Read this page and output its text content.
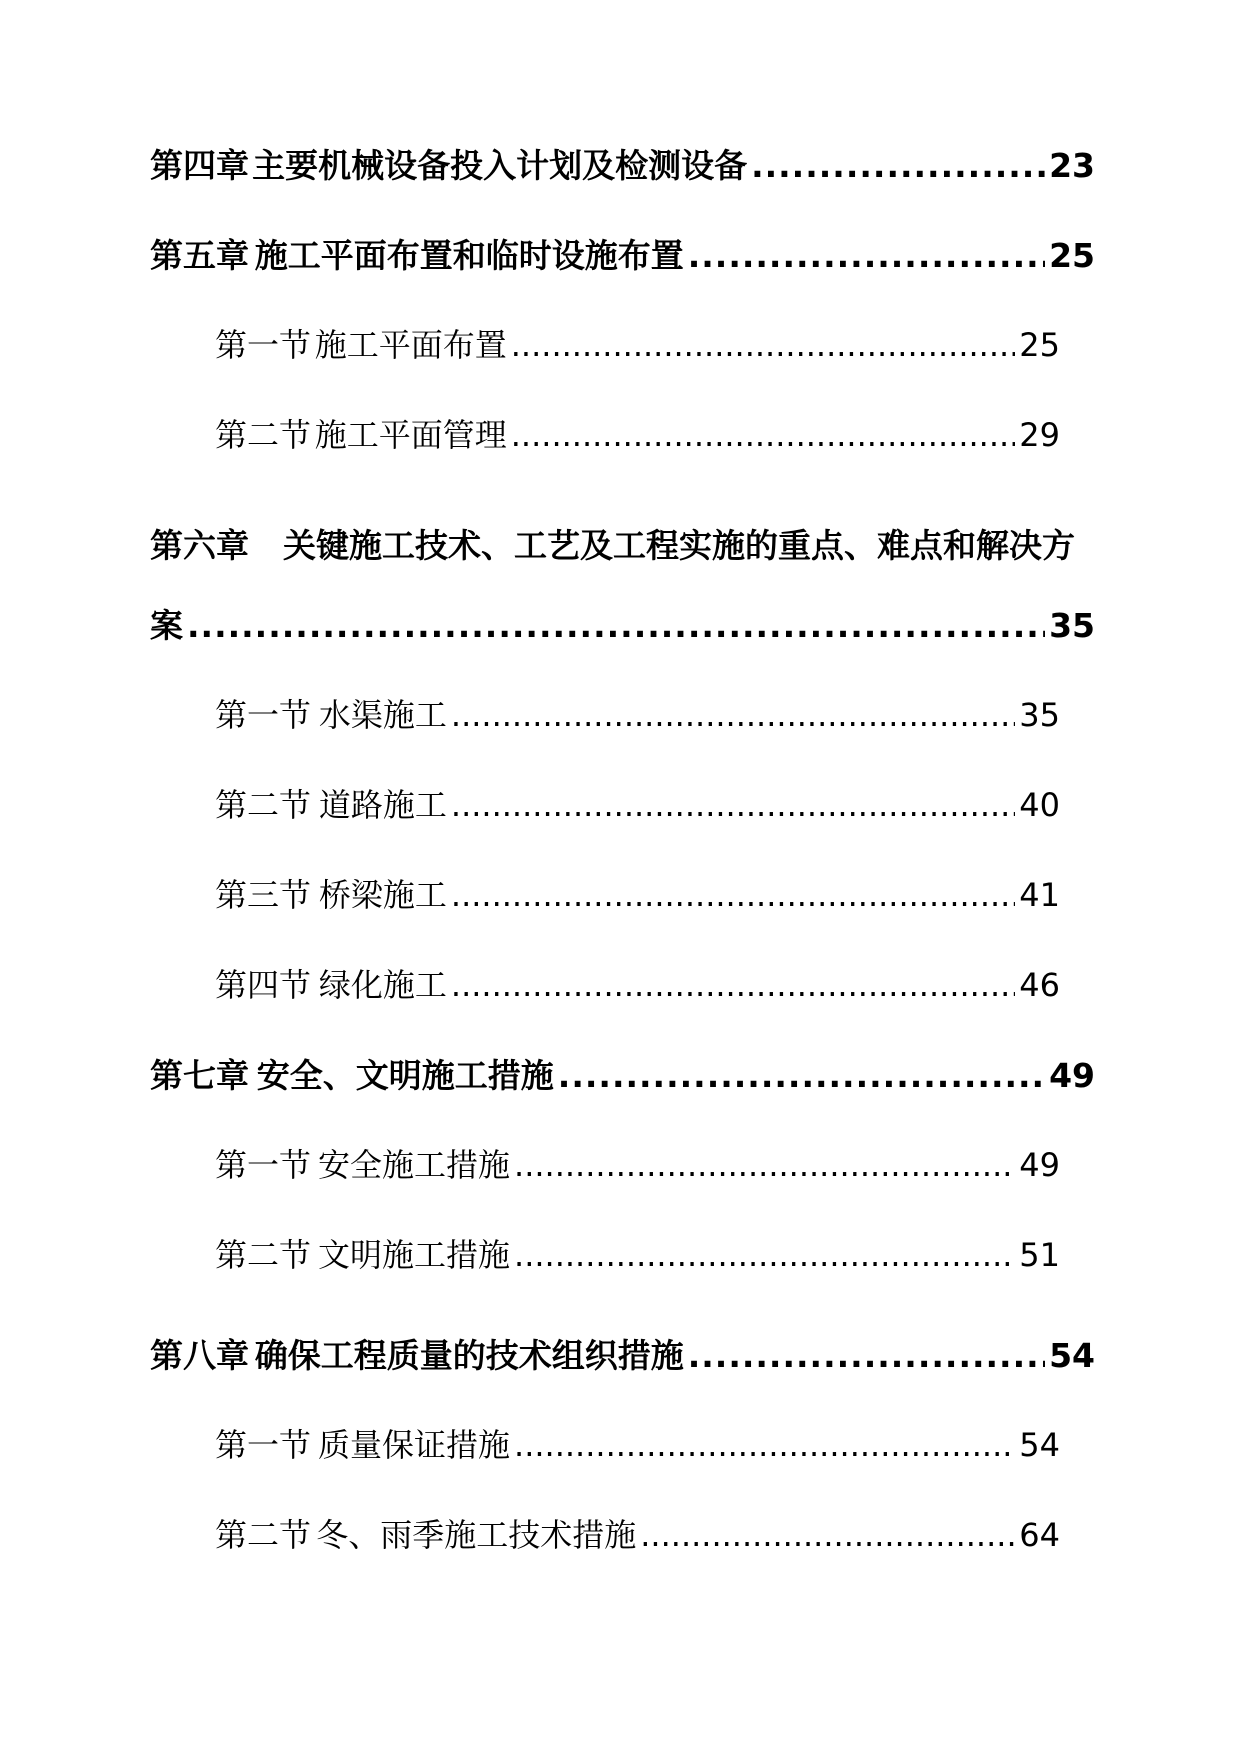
第四章 主要机械设备投入计划及检测设备 .....	23
第五章 施工平面布置和临时设施布置 .....	25
第一节 施工平面布置 .....	25
第二节 施工平面管理 .....	29
第六章 关键施工技术、工艺及工程实施的重点、难点和解决方
案 .....	35
第一节 水渠施工 .....	35
第二节 道路施工 .....	40
第三节 桥梁施工 .....	41
第四节 绿化施工 .....	46
第七章 安全、文明施工措施 .....	49
第一节 安全施工措施 .....	49
第二节 文明施工措施 .....	51
第八章 确保工程质量的技术组织措施 .....	54
第一节 质量保证措施 .....	54
第二节 冬、雨季施工技术措施 .....	64
